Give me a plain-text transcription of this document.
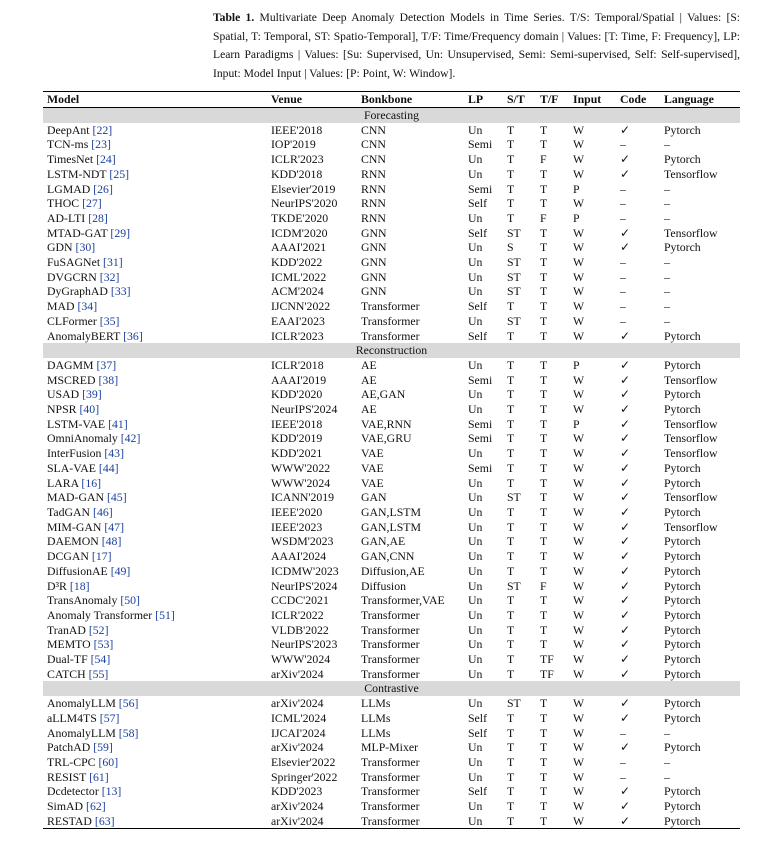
Table 1. Multivariate Deep Anomaly Detection Models in Time Series. T/S: Temporal/Spatial | Values: [S: Spatial, T: Temporal, ST: Spatio-Temporal], T/F: Time/Frequency domain | Values: [T: Time, F: Frequency], LP: Learn Paradigms | Values: [Su: Supervised, Un: Unsupervised, Semi: Semi-supervised, Self: Self-supervised], Input: Model Input | Values: [P: Point, W: Window].
Model	Venue	Bonkbone	LP	S/T	T/F	Input	Code	Language
Forecasting								
DeepAnt [22]	IEEE'2018	CNN	Un	T	T	W	✓	Pytorch
TCN-ms [23]	IOP'2019	CNN	Semi	T	T	W	–	–
TimesNet [24]	ICLR'2023	CNN	Un	T	F	W	✓	Pytorch
LSTM-NDT [25]	KDD'2018	RNN	Un	T	T	W	✓	Tensorflow
LGMAD [26]	Elsevier'2019	RNN	Semi	T	T	P	–	–
THOC [27]	NeurIPS'2020	RNN	Self	T	T	W	–	–
AD-LTI [28]	TKDE'2020	RNN	Un	T	F	P	–	–
MTAD-GAT [29]	ICDM'2020	GNN	Self	ST	T	W	✓	Tensorflow
GDN [30]	AAAI'2021	GNN	Un	S	T	W	✓	Pytorch
FuSAGNet [31]	KDD'2022	GNN	Un	ST	T	W	–	–
DVGCRN [32]	ICML'2022	GNN	Un	ST	T	W	–	–
DyGraphAD [33]	ACM'2024	GNN	Un	ST	T	W	–	–
MAD [34]	IJCNN'2022	Transformer	Self	T	T	W	–	–
CLFormer [35]	EAAI'2023	Transformer	Un	ST	T	W	–	–
AnomalyBERT [36]	ICLR'2023	Transformer	Self	T	T	W	✓	Pytorch
Reconstruction								
DAGMM [37]	ICLR'2018	AE	Un	T	T	P	✓	Pytorch
MSCRED [38]	AAAI'2019	AE	Semi	T	T	W	✓	Tensorflow
USAD [39]	KDD'2020	AE,GAN	Un	T	T	W	✓	Pytorch
NPSR [40]	NeurIPS'2024	AE	Un	T	T	W	✓	Pytorch
LSTM-VAE [41]	IEEE'2018	VAE,RNN	Semi	T	T	P	✓	Tensorflow
OmniAnomaly [42]	KDD'2019	VAE,GRU	Semi	T	T	W	✓	Tensorflow
InterFusion [43]	KDD'2021	VAE	Un	T	T	W	✓	Tensorflow
SLA-VAE [44]	WWW'2022	VAE	Semi	T	T	W	✓	Pytorch
LARA [16]	WWW'2024	VAE	Un	T	T	W	✓	Pytorch
MAD-GAN [45]	ICANN'2019	GAN	Un	ST	T	W	✓	Tensorflow
TadGAN [46]	IEEE'2020	GAN,LSTM	Un	T	T	W	✓	Pytorch
MIM-GAN [47]	IEEE'2023	GAN,LSTM	Un	T	T	W	✓	Tensorflow
DAEMON [48]	WSDM'2023	GAN,AE	Un	T	T	W	✓	Pytorch
DCGAN [17]	AAAI'2024	GAN,CNN	Un	T	T	W	✓	Pytorch
DiffusionAE [49]	ICDMW'2023	Diffusion,AE	Un	T	T	W	✓	Pytorch
D³R [18]	NeurIPS'2024	Diffusion	Un	ST	F	W	✓	Pytorch
TransAnomaly [50]	CCDC'2021	Transformer,VAE	Un	T	T	W	✓	Pytorch
Anomaly Transformer [51]	ICLR'2022	Transformer	Un	T	T	W	✓	Pytorch
TranAD [52]	VLDB'2022	Transformer	Un	T	T	W	✓	Pytorch
MEMTO [53]	NeurIPS'2023	Transformer	Un	T	T	W	✓	Pytorch
Dual-TF [54]	WWW'2024	Transformer	Un	T	TF	W	✓	Pytorch
CATCH [55]	arXiv'2024	Transformer	Un	T	TF	W	✓	Pytorch
Contrastive								
AnomalyLLM [56]	arXiv'2024	LLMs	Un	ST	T	W	✓	Pytorch
aLLM4TS [57]	ICML'2024	LLMs	Self	T	T	W	✓	Pytorch
AnomalyLLM [58]	IJCAI'2024	LLMs	Self	T	T	W	–	–
PatchAD [59]	arXiv'2024	MLP-Mixer	Un	T	T	W	✓	Pytorch
TRL-CPC [60]	Elsevier'2022	Transformer	Un	T	T	W	–	–
RESIST [61]	Springer'2022	Transformer	Un	T	T	W	–	–
Dcdetector [13]	KDD'2023	Transformer	Self	T	T	W	✓	Pytorch
SimAD [62]	arXiv'2024	Transformer	Un	T	T	W	✓	Pytorch
RESTAD [63]	arXiv'2024	Transformer	Un	T	T	W	✓	Pytorch
